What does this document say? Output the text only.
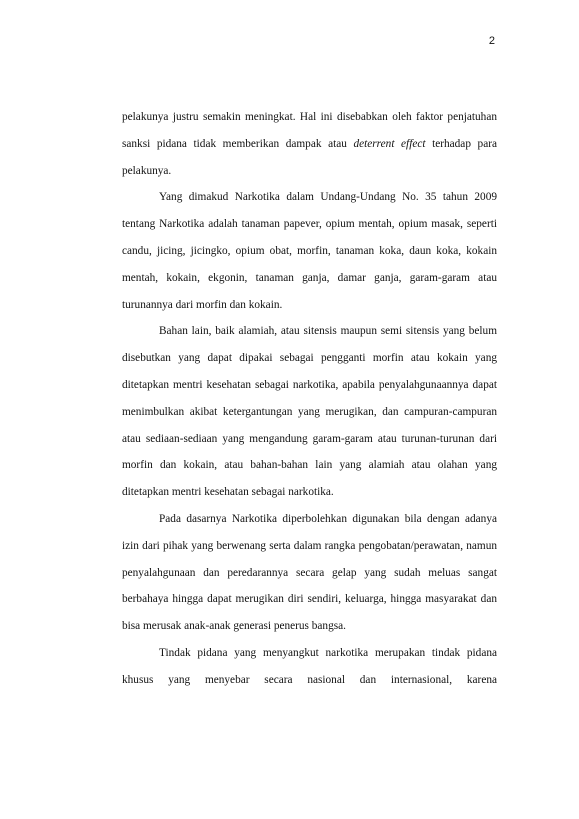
2

pelakunya justru semakin meningkat. Hal ini disebabkan oleh faktor penjatuhan sanksi pidana tidak memberikan dampak atau deterrent effect terhadap para pelakunya.

Yang dimakud Narkotika dalam Undang-Undang No. 35 tahun 2009 tentang Narkotika adalah tanaman papever, opium mentah, opium masak, seperti candu, jicing, jicingko, opium obat, morfin, tanaman koka, daun koka, kokain mentah, kokain, ekgonin, tanaman ganja, damar ganja, garam-garam atau turunannya dari morfin dan kokain.

Bahan lain, baik alamiah, atau sitensis maupun semi sitensis yang belum disebutkan yang dapat dipakai sebagai pengganti morfin atau kokain yang ditetapkan mentri kesehatan sebagai narkotika, apabila penyalahgunaannya dapat menimbulkan akibat ketergantungan yang merugikan, dan campuran-campuran atau sediaan-sediaan yang mengandung garam-garam atau turunan-turunan dari morfin dan kokain, atau bahan-bahan lain yang alamiah atau olahan yang ditetapkan mentri kesehatan sebagai narkotika.

Pada dasarnya Narkotika diperbolehkan digunakan bila dengan adanya izin dari pihak yang berwenang serta dalam rangka pengobatan/perawatan, namun penyalahgunaan dan peredarannya secara gelap yang sudah meluas sangat berbahaya hingga dapat merugikan diri sendiri, keluarga, hingga masyarakat dan bisa merusak anak-anak generasi penerus bangsa.

Tindak pidana yang menyangkut narkotika merupakan tindak pidana khusus yang menyebar secara nasional dan internasional, karena
